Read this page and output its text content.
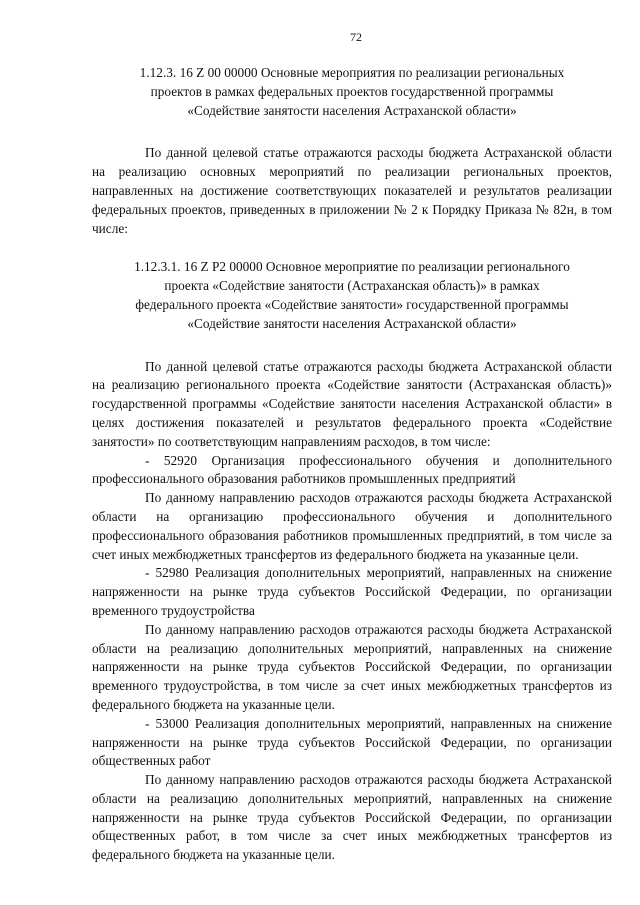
72
1.12.3. 16 Z 00 00000 Основные мероприятия по реализации региональных
проектов в рамках федеральных проектов государственной программы
«Содействие занятости населения Астраханской области»

По данной целевой статье отражаются расходы бюджета Астраханской области на реализацию основных мероприятий по реализации региональных проектов, направленных на достижение соответствующих показателей и результатов реализации федеральных проектов, приведенных в приложении № 2 к Порядку Приказа № 82н, в том числе:

1.12.3.1. 16 Z P2 00000 Основное мероприятие по реализации регионального
проекта «Содействие занятости (Астраханская область)» в рамках
федерального проекта «Содействие занятости» государственной программы
«Содействие занятости населения Астраханской области»

По данной целевой статье отражаются расходы бюджета Астраханской области на реализацию регионального проекта «Содействие занятости (Астраханская область)» государственной программы «Содействие занятости населения Астраханской области» в целях достижения показателей и результатов федерального проекта «Содействие занятости» по соответствующим направлениям расходов, в том числе:

- 52920 Организация профессионального обучения и дополнительного профессионального образования работников промышленных предприятий

По данному направлению расходов отражаются расходы бюджета Астраханской области на организацию профессионального обучения и дополнительного профессионального образования работников промышленных предприятий, в том числе за счет иных межбюджетных трансфертов из федерального бюджета на указанные цели.

- 52980 Реализация дополнительных мероприятий, направленных на снижение напряженности на рынке труда субъектов Российской Федерации, по организации временного трудоустройства

По данному направлению расходов отражаются расходы бюджета Астраханской области на реализацию дополнительных мероприятий, направленных на снижение напряженности на рынке труда субъектов Российской Федерации, по организации временного трудоустройства, в том числе за счет иных межбюджетных трансфертов из федерального бюджета на указанные цели.

- 53000 Реализация дополнительных мероприятий, направленных на снижение напряженности на рынке труда субъектов Российской Федерации, по организации общественных работ

По данному направлению расходов отражаются расходы бюджета Астраханской области на реализацию дополнительных мероприятий, направленных на снижение напряженности на рынке труда субъектов Российской Федерации, по организации общественных работ, в том числе за счет иных межбюджетных трансфертов из федерального бюджета на указанные цели.
